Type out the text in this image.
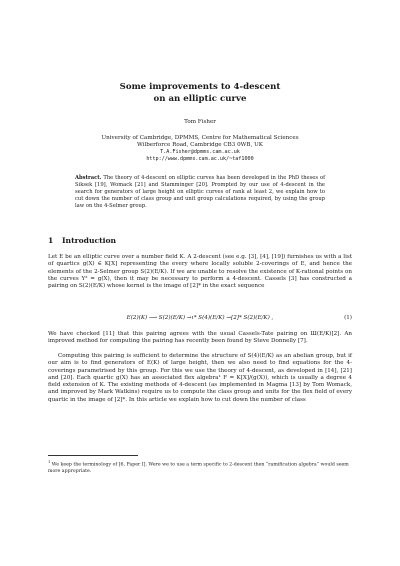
Some improvements to 4-descent
on an elliptic curve
Tom Fisher
University of Cambridge, DPMMS, Centre for Mathematical Sciences
Wilberforce Road, Cambridge CB3 0WB, UK
T.A.Fisher@dpmms.cam.ac.uk
http://www.dpmms.cam.ac.uk/~taf1000
Abstract. The theory of 4-descent on elliptic curves has been developed in the PhD theses of Siksek [19], Womack [21] and Stamminger [20]. Prompted by our use of 4-descent in the search for generators of large height on elliptic curves of rank at least 2, we explain how to cut down the number of class group and unit group calculations required, by using the group law on the 4-Selmer group.
1 Introduction

Let E be an elliptic curve over a number field K. A 2-descent (see e.g. [3], [4], [19]) furnishes us with a list of quartics g(X) ∈ K[X] representing the every where locally soluble 2-coverings of E, and hence the elements of the 2-Selmer group S(2)(E/K). If we are unable to resolve the existence of K-rational points on the curves Y² = g(X), then it may be necessary to perform a 4-descent. Cassels [3] has constructed a pairing on S(2)(E/K) whose kernel is the image of [2]* in the exact sequence

E(2)(K) ⟶ S(2)(E/K) →ι* S(4)(E/K) →[2]* S(2)(E/K) ,	(1)

We have checked [11] that this pairing agrees with the usual Cassels-Tate pairing on Ш(E/K)[2]. An improved method for computing the pairing has recently been found by Steve Donnelly [7].

Computing this pairing is sufficient to determine the structure of S(4)(E/K) as an abelian group, but if our aim is to find generators of E(K) of large height, then we also need to find equations for the 4-coverings parametrised by this group. For this we use the theory of 4-descent, as developed in [14], [21] and [20]. Each quartic g(X) has an associated flex algebra¹ F = K[X]/(g(X)), which is usually a degree 4 field extension of K. The existing methods of 4-descent (as implemented in Magma [13] by Tom Womack, and improved by Mark Watkins) require us to compute the class group and units for the flex field of every quartic in the image of [2]*. In this article we explain how to cut down the number of class

$^1$ We keep the terminology of [6, Paper I]. Were we to use a term specific to 2-descent then “ramification algebra” would seem more appropriate.
